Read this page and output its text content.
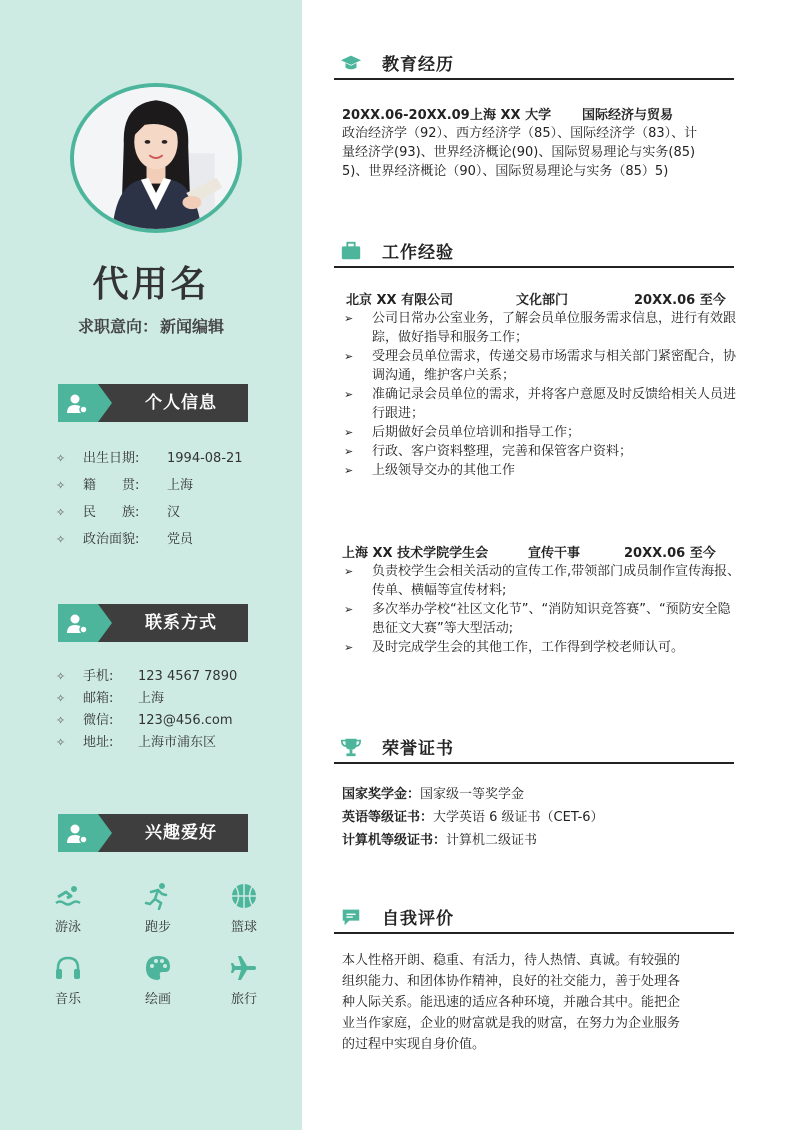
代用名
求职意向： 新闻编辑
个人信息
✧ 出生日期: 1994-08-21
✧ 籍　　贯: 上海
✧ 民　　族: 汉
✧ 政治面貌: 党员
联系方式
✧ 手机: 123 4567 7890
✧ 邮箱: 上海
✧ 微信: 123@456.com
✧ 地址: 上海市浦东区
兴趣爱好
游泳	跑步	篮球
音乐	绘画	旅行
教育经历
20XX.06-20XX.09上海 XX 大学 国际经济与贸易
政治经济学（92）、西方经济学（85）、国际经济学（83）、计
量经济学(93)、世界经济概论(90)、国际贸易理论与实务(85)
5)、世界经济概论（90）、国际贸易理论与实务（85）5)
工作经验
北京 XX 有限公司	文化部门	20XX.06 至今
➢ 公司日常办公室业务，了解会员单位服务需求信息，进行有效跟踪，做好指导和服务工作；
➢ 受理会员单位需求，传递交易市场需求与相关部门紧密配合，协调沟通，维护客户关系；
➢ 准确记录会员单位的需求，并将客户意愿及时反馈给相关人员进行跟进；
➢ 后期做好会员单位培训和指导工作；
➢ 行政、客户资料整理，完善和保管客户资料；
➢ 上级领导交办的其他工作
上海 XX 技术学院学生会	宣传干事	20XX.06 至今
➢ 负责校学生会相关活动的宣传工作,带领部门成员制作宣传海报、传单、横幅等宣传材料;
➢ 多次举办学校“社区文化节”、“消防知识竞答赛”、“预防安全隐患征文大赛”等大型活动;
➢ 及时完成学生会的其他工作，工作得到学校老师认可。
荣誉证书
国家奖学金：国家级一等奖学金
英语等级证书：大学英语 6 级证书（CET-6）
计算机等级证书：计算机二级证书
自我评价
本人性格开朗、稳重、有活力，待人热情、真诚。有较强的
组织能力、和团体协作精神，良好的社交能力，善于处理各
种人际关系。能迅速的适应各种环境，并融合其中。能把企
业当作家庭，企业的财富就是我的财富，在努力为企业服务
的过程中实现自身价值。
